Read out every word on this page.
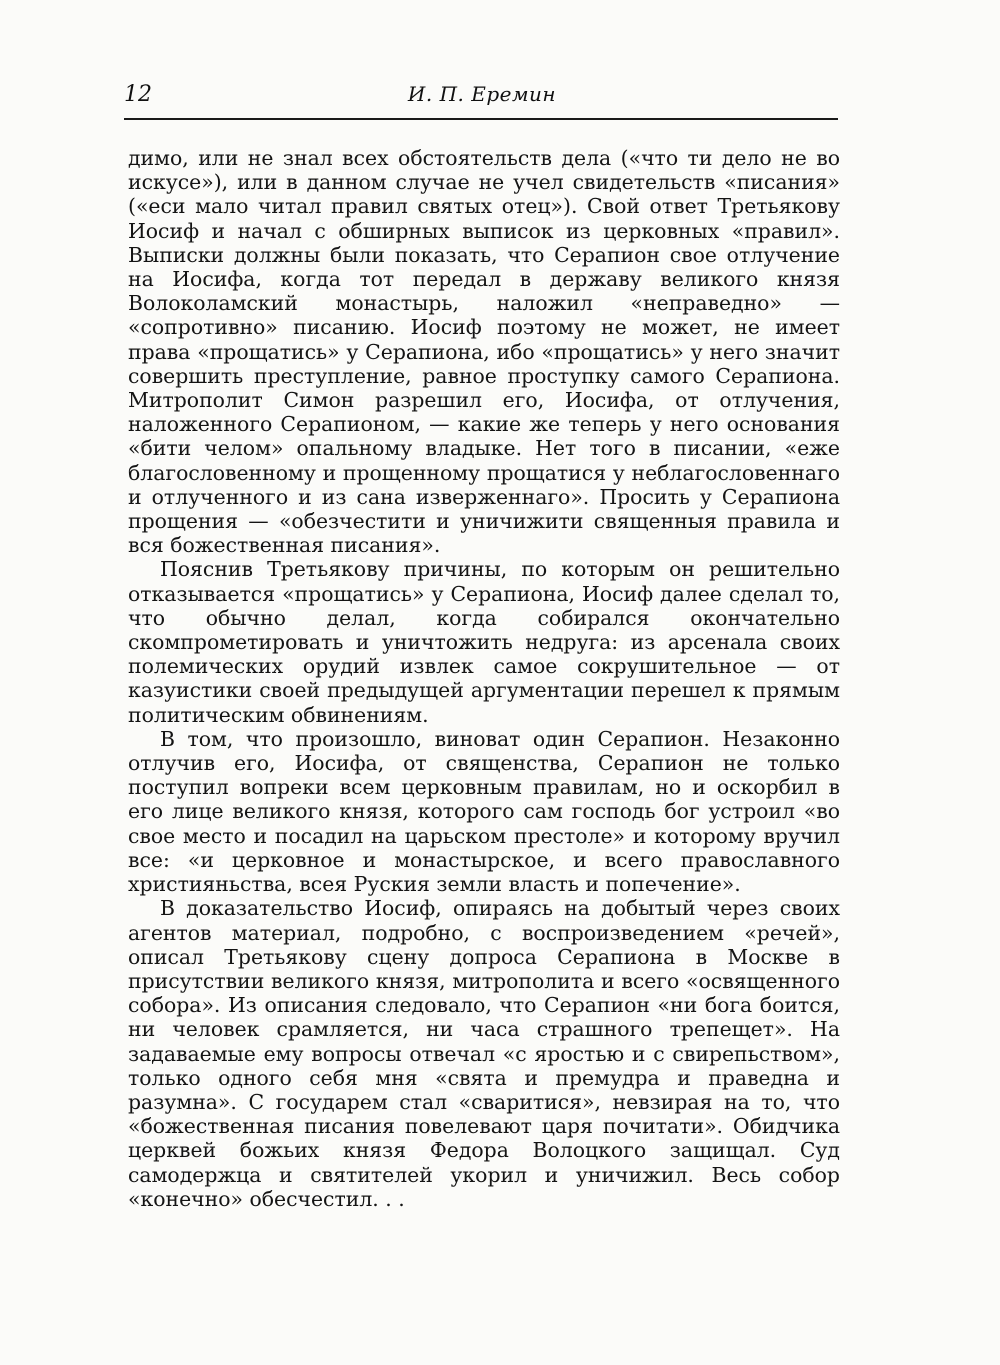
12	И. П. Еремин

димо, или не знал всех обстоятельств дела («что ти дело не во искусе»), или в данном случае не учел свидетельств «писания» («еси мало читал правил святых отец»). Свой ответ Третьякову Иосиф и начал с обширных выписок из церковных «правил». Выписки должны были показать, что Серапион свое отлучение на Иосифа, когда тот передал в державу великого князя Волоколамский монастырь, наложил «неправедно» — «сопротивно» писанию. Иосиф поэтому не может, не имеет права «прощатись» у Серапиона, ибо «прощатись» у него значит совершить преступление, равное проступку самого Серапиона. Митрополит Симон разрешил его, Иосифа, от отлучения, наложенного Серапионом, — какие же теперь у него основания «бити челом» опальному владыке. Нет того в писании, «еже благословенному и прощенному прощатися у неблагословеннаго и отлученного и из сана изверженнаго». Просить у Серапиона прощения — «обезчестити и уничижити священныя правила и вся божественная писания».

Пояснив Третьякову причины, по которым он решительно отказывается «прощатись» у Серапиона, Иосиф далее сделал то, что обычно делал, когда собирался окончательно скомпрометировать и уничтожить недруга: из арсенала своих полемических орудий извлек самое сокрушительное — от казуистики своей предыдущей аргументации перешел к прямым политическим обвинениям.

В том, что произошло, виноват один Серапион. Незаконно отлучив его, Иосифа, от священства, Серапион не только поступил вопреки всем церковным правилам, но и оскорбил в его лице великого князя, которого сам господь бог устроил «во свое место и посадил на царьском престоле» и которому вручил все: «и церковное и монастырское, и всего православного християньства, всея Руския земли власть и попечение».

В доказательство Иосиф, опираясь на добытый через своих агентов материал, подробно, с воспроизведением «речей», описал Третьякову сцену допроса Серапиона в Москве в присутствии великого князя, митрополита и всего «освященного собора». Из описания следовало, что Серапион «ни бога боится, ни человек срамляется, ни часа страшного трепещет». На задаваемые ему вопросы отвечал «с яростью и с свирепьством», только одного себя мня «свята и премудра и праведна и разумна». С государем стал «сваритися», невзирая на то, что «божественная писания повелевают царя почитати». Обидчика церквей божьих князя Федора Волоцкого защищал. Суд самодержца и святителей укорил и уничижил. Весь собор «конечно» обесчестил. . .
